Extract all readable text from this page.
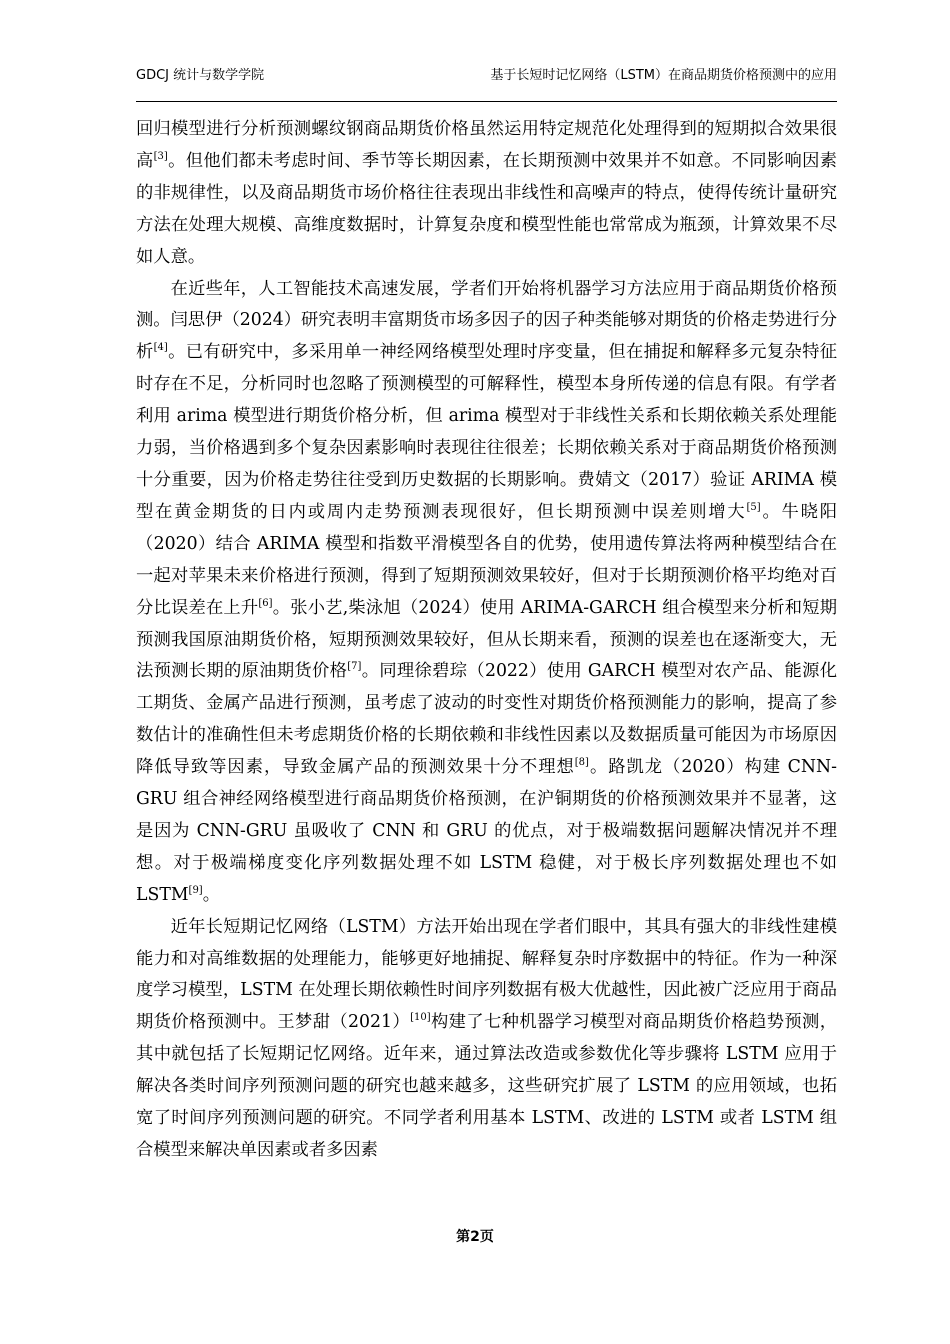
GDCJ 统计与数学学院	基于长短时记忆网络（LSTM）在商品期货价格预测中的应用

回归模型进行分析预测螺纹钢商品期货价格虽然运用特定规范化处理得到的短期拟合效果很高[3]。但他们都未考虑时间、季节等长期因素，在长期预测中效果并不如意。不同影响因素的非规律性，以及商品期货市场价格往往表现出非线性和高噪声的特点，使得传统计量研究方法在处理大规模、高维度数据时，计算复杂度和模型性能也常常成为瓶颈，计算效果不尽如人意。

在近些年，人工智能技术高速发展，学者们开始将机器学习方法应用于商品期货价格预测。闫思伊（2024）研究表明丰富期货市场多因子的因子种类能够对期货的价格走势进行分析[4]。已有研究中，多采用单一神经网络模型处理时序变量，但在捕捉和解释多元复杂特征时存在不足，分析同时也忽略了预测模型的可解释性，模型本身所传递的信息有限。有学者利用 arima 模型进行期货价格分析，但 arima 模型对于非线性关系和长期依赖关系处理能力弱，当价格遇到多个复杂因素影响时表现往往很差；长期依赖关系对于商品期货价格预测十分重要，因为价格走势往往受到历史数据的长期影响。费婧文（2017）验证 ARIMA 模型在黄金期货的日内或周内走势预测表现很好，但长期预测中误差则增大[5]。牛晓阳（2020）结合 ARIMA 模型和指数平滑模型各自的优势，使用遗传算法将两种模型结合在一起对苹果未来价格进行预测，得到了短期预测效果较好，但对于长期预测价格平均绝对百分比误差在上升[6]。张小艺,柴泳旭（2024）使用 ARIMA-GARCH 组合模型来分析和短期预测我国原油期货价格，短期预测效果较好，但从长期来看，预测的误差也在逐渐变大，无法预测长期的原油期货价格[7]。同理徐碧琮（2022）使用 GARCH 模型对农产品、能源化工期货、金属产品进行预测，虽考虑了波动的时变性对期货价格预测能力的影响，提高了参数估计的准确性但未考虑期货价格的长期依赖和非线性因素以及数据质量可能因为市场原因降低导致等因素，导致金属产品的预测效果十分不理想[8]。路凯龙（2020）构建 CNN-GRU 组合神经网络模型进行商品期货价格预测，在沪铜期货的价格预测效果并不显著，这是因为 CNN-GRU 虽吸收了 CNN 和 GRU 的优点，对于极端数据问题解决情况并不理想。对于极端梯度变化序列数据处理不如 LSTM 稳健，对于极长序列数据处理也不如 LSTM[9]。

近年长短期记忆网络（LSTM）方法开始出现在学者们眼中，其具有强大的非线性建模能力和对高维数据的处理能力，能够更好地捕捉、解释复杂时序数据中的特征。作为一种深度学习模型，LSTM 在处理长期依赖性时间序列数据有极大优越性，因此被广泛应用于商品期货价格预测中。王梦甜（2021）[10]构建了七种机器学习模型对商品期货价格趋势预测，其中就包括了长短期记忆网络。近年来，通过算法改造或参数优化等步骤将 LSTM 应用于解决各类时间序列预测问题的研究也越来越多，这些研究扩展了 LSTM 的应用领域，也拓宽了时间序列预测问题的研究。不同学者利用基本 LSTM、改进的 LSTM 或者 LSTM 组合模型来解决单因素或者多因素

第2页
